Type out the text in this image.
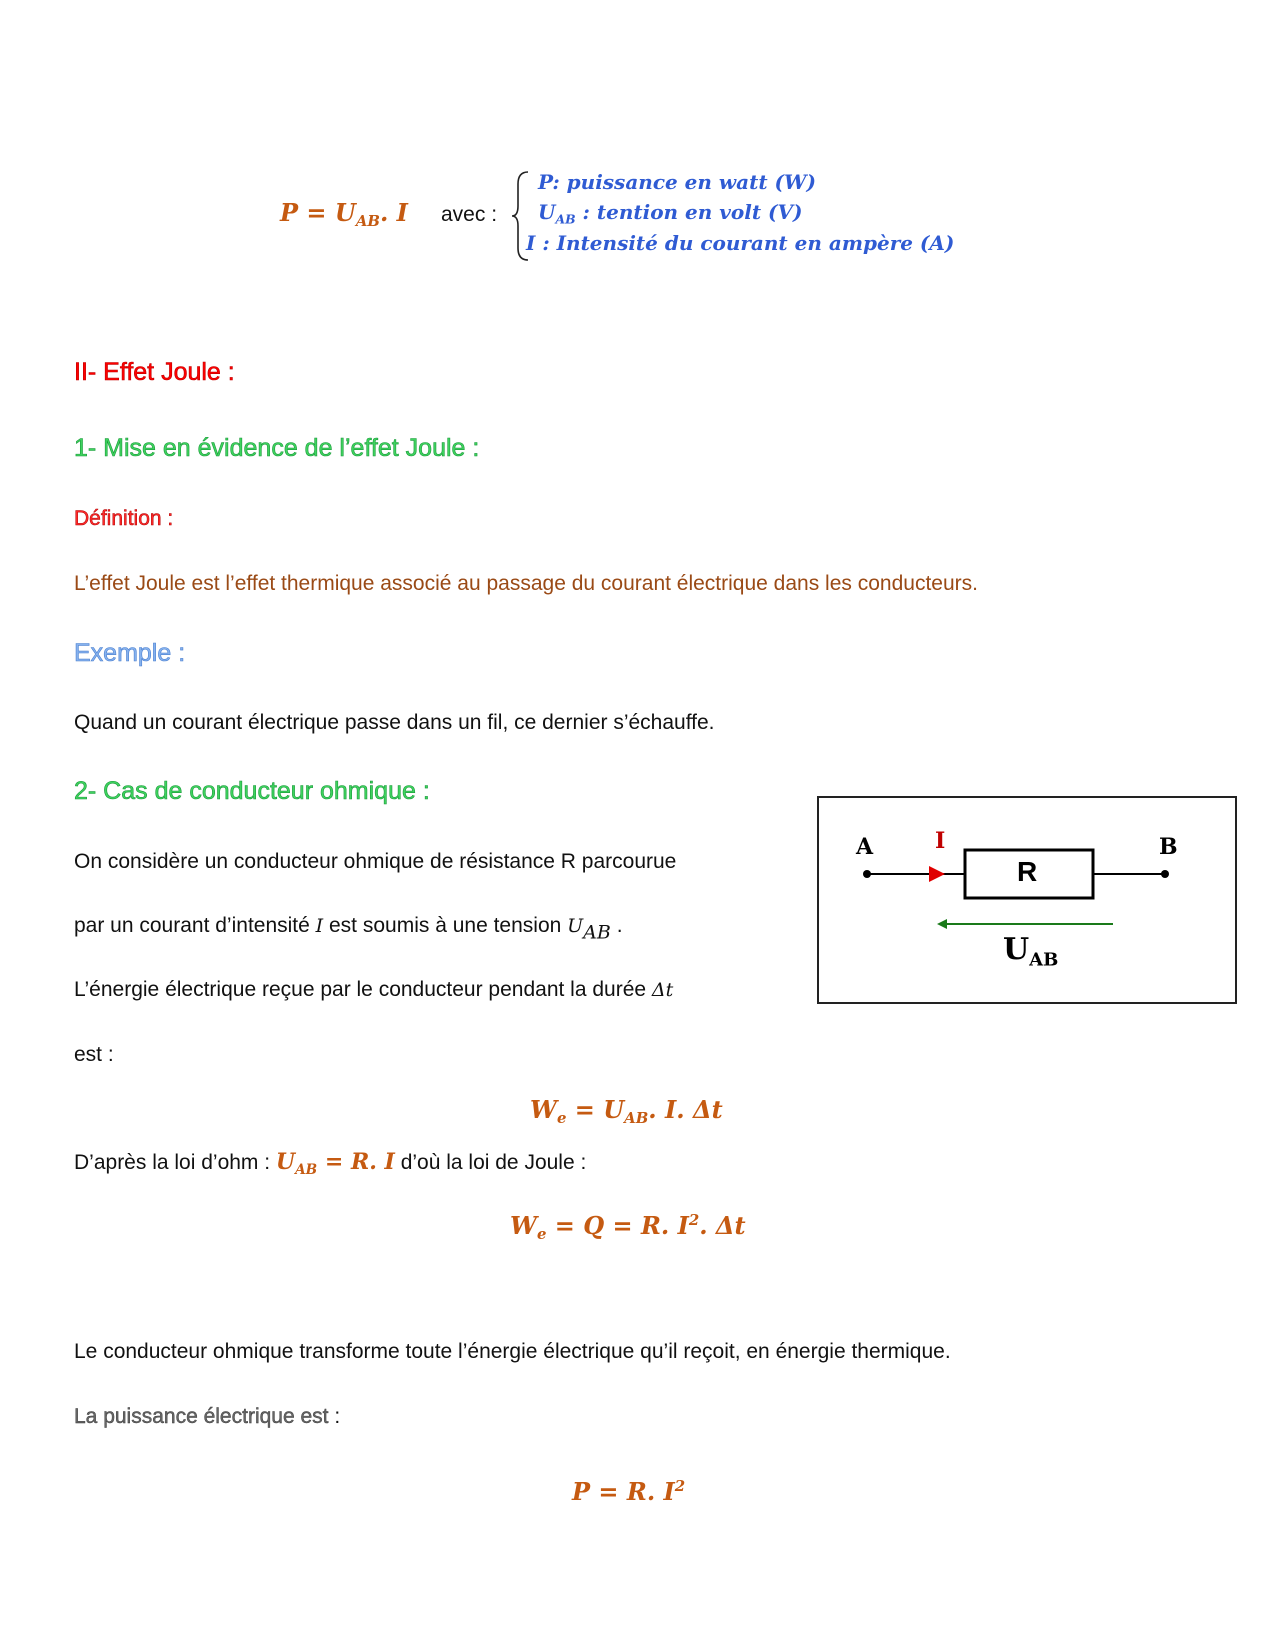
$P = U_{AB}$. I avec :
P: puissance en watt (W)
$U_{AB}$ : tention en volt (V)
I : Intensité du courant en ampère (A)
II- Effet Joule :
1- Mise en évidence de l’effet Joule :
Définition :
L’effet Joule est l’effet thermique associé au passage du courant électrique dans les conducteurs.
Exemple :
Quand un courant électrique passe dans un fil, ce dernier s’échauffe.
2- Cas de conducteur ohmique :
On considère un conducteur ohmique de résistance R parcourue
par un courant d’intensité I est soumis à une tension $U_{AB}$ .
L’énergie électrique reçue par le conducteur pendant la durée Δt
est :
A	B
I
R
$U_{AB}$
$W_e = U_{AB}$. I. Δt
D’après la loi d’ohm : $U_{AB} = R$. I d’où la loi de Joule :
$W_e = Q = R$. $I^2$. Δt
Le conducteur ohmique transforme toute l’énergie électrique qu’il reçoit, en énergie thermique.
La puissance électrique est :
P = R. $I^2$
